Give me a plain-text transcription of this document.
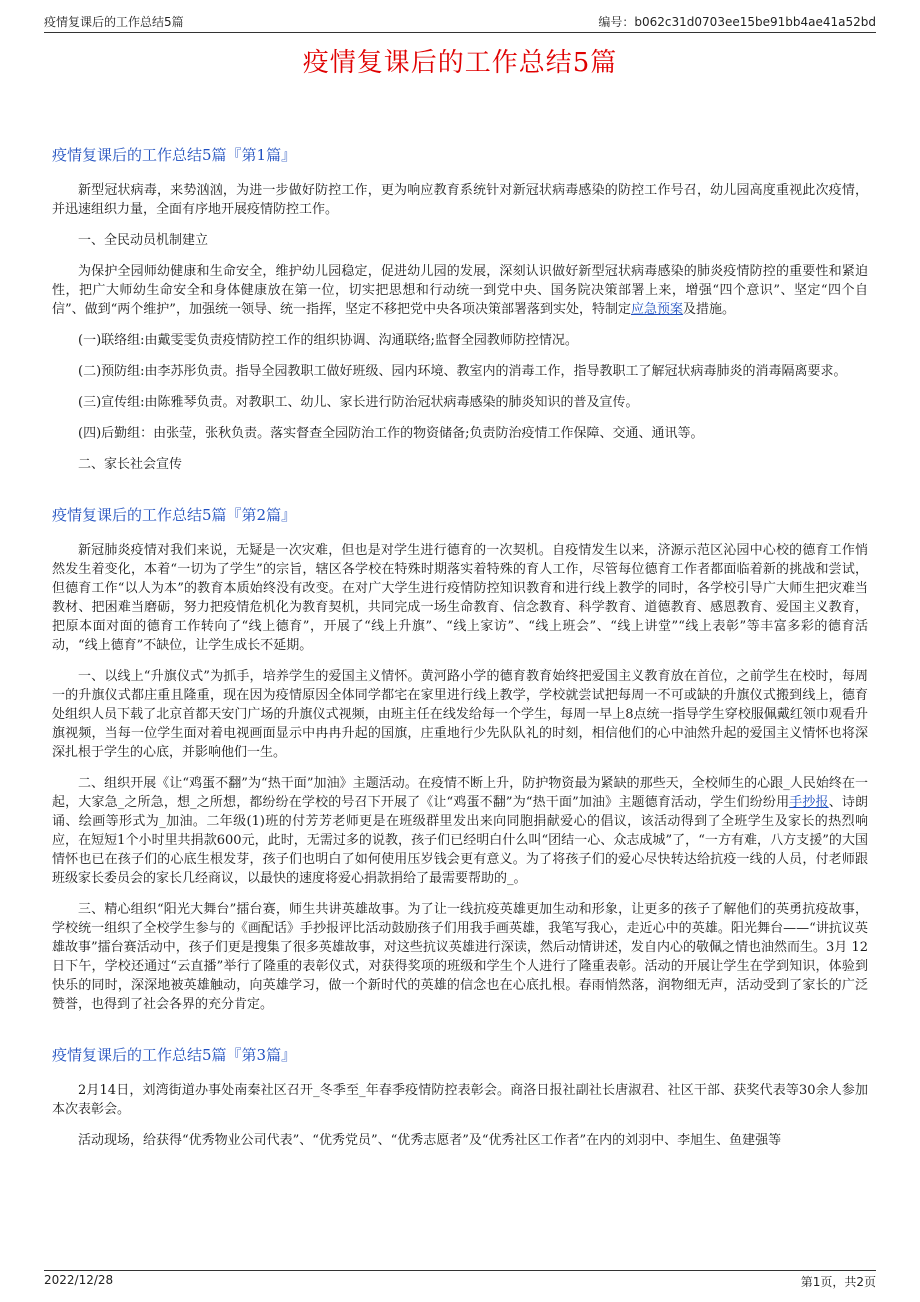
疫情复课后的工作总结5篇	编号：b062c31d0703ee15be91bb4ae41a52bd
疫情复课后的工作总结5篇
疫情复课后的工作总结5篇『第1篇』

新型冠状病毒，来势汹汹，为进一步做好防控工作，更为响应教育系统针对新冠状病毒感染的防控工作号召，幼儿园高度重视此次疫情，并迅速组织力量，全面有序地开展疫情防控工作。

一、全民动员机制建立

为保护全园师幼健康和生命安全，维护幼儿园稳定，促进幼儿园的发展，深刻认识做好新型冠状病毒感染的肺炎疫情防控的重要性和紧迫性，把广大师幼生命安全和身体健康放在第一位，切实把思想和行动统一到党中央、国务院决策部署上来，增强“四个意识”、坚定“四个自信”、做到“两个维护”，加强统一领导、统一指挥，坚定不移把党中央各项决策部署落到实处，特制定应急预案及措施。

(一)联络组:由戴雯雯负责疫情防控工作的组织协调、沟通联络;监督全园教师防控情况。

(二)预防组:由李苏彤负责。指导全园教职工做好班级、园内环境、教室内的消毒工作，指导教职工了解冠状病毒肺炎的消毒隔离要求。

(三)宣传组:由陈雅琴负责。对教职工、幼儿、家长进行防治冠状病毒感染的肺炎知识的普及宣传。

(四)后勤组：由张莹，张秋负责。落实督查全园防治工作的物资储备;负责防治疫情工作保障、交通、通讯等。

二、家长社会宣传

疫情复课后的工作总结5篇『第2篇』

新冠肺炎疫情对我们来说，无疑是一次灾难，但也是对学生进行德育的一次契机。自疫情发生以来，济源示范区沁园中心校的德育工作悄然发生着变化，本着“一切为了学生”的宗旨，辖区各学校在特殊时期落实着特殊的育人工作，尽管每位德育工作者都面临着新的挑战和尝试，但德育工作“以人为本”的教育本质始终没有改变。在对广大学生进行疫情防控知识教育和进行线上教学的同时，各学校引导广大师生把灾难当教材、把困难当磨砺，努力把疫情危机化为教育契机，共同完成一场生命教育、信念教育、科学教育、道德教育、感恩教育、爱国主义教育，把原本面对面的德育工作转向了“线上德育”，开展了“线上升旗”、“线上家访”、“线上班会”、“线上讲堂”“线上表彰”等丰富多彩的德育活动，“线上德育”不缺位，让学生成长不延期。

一、以线上“升旗仪式”为抓手，培养学生的爱国主义情怀。黄河路小学的德育教育始终把爱国主义教育放在首位，之前学生在校时，每周一的升旗仪式都庄重且隆重，现在因为疫情原因全体同学都宅在家里进行线上教学，学校就尝试把每周一不可或缺的升旗仪式搬到线上，德育处组织人员下载了北京首都天安门广场的升旗仪式视频，由班主任在线发给每一个学生，每周一早上8点统一指导学生穿校服佩戴红领巾观看升旗视频，当每一位学生面对着电视画面显示中冉冉升起的国旗，庄重地行少先队队礼的时刻，相信他们的心中油然升起的爱国主义情怀也将深深扎根于学生的心底，并影响他们一生。

二、组织开展《让“鸡蛋不翻”为“热干面”加油》主题活动。在疫情不断上升，防护物资最为紧缺的那些天，全校师生的心跟_人民始终在一起，大家急_之所急，想_之所想，都纷纷在学校的号召下开展了《让“鸡蛋不翻”为“热干面”加油》主题德育活动，学生们纷纷用手抄报、诗朗诵、绘画等形式为_加油。二年级(1)班的付芳芳老师更是在班级群里发出来向同胞捐献爱心的倡议，该活动得到了全班学生及家长的热烈响应，在短短1个小时里共捐款600元，此时，无需过多的说教，孩子们已经明白什么叫“团结一心、众志成城”了，“一方有难，八方支援”的大国情怀也已在孩子们的心底生根发芽，孩子们也明白了如何使用压岁钱会更有意义。为了将孩子们的爱心尽快转达给抗疫一线的人员，付老师跟班级家长委员会的家长几经商议，以最快的速度将爱心捐款捐给了最需要帮助的_。

三、精心组织“阳光大舞台”擂台赛，师生共讲英雄故事。为了让一线抗疫英雄更加生动和形象，让更多的孩子了解他们的英勇抗疫故事，学校统一组织了全校学生参与的《画配话》手抄报评比活动鼓励孩子们用我手画英雄，我笔写我心，走近心中的英雄。阳光舞台——“讲抗议英雄故事”擂台赛活动中，孩子们更是搜集了很多英雄故事，对这些抗议英雄进行深读，然后动情讲述，发自内心的敬佩之情也油然而生。3月 12日下午，学校还通过“云直播”举行了隆重的表彰仪式，对获得奖项的班级和学生个人进行了隆重表彰。活动的开展让学生在学到知识，体验到快乐的同时，深深地被英雄触动，向英雄学习，做一个新时代的英雄的信念也在心底扎根。春雨悄然落，润物细无声，活动受到了家长的广泛赞誉，也得到了社会各界的充分肯定。

疫情复课后的工作总结5篇『第3篇』

2月14日，刘湾街道办事处南秦社区召开_冬季至_年春季疫情防控表彰会。商洛日报社副社长唐淑君、社区干部、获奖代表等30余人参加本次表彰会。

活动现场，给获得“优秀物业公司代表”、“优秀党员”、“优秀志愿者”及“优秀社区工作者”在内的刘羽中、李旭生、鱼建强等

2022/12/28	第1页，共2页
